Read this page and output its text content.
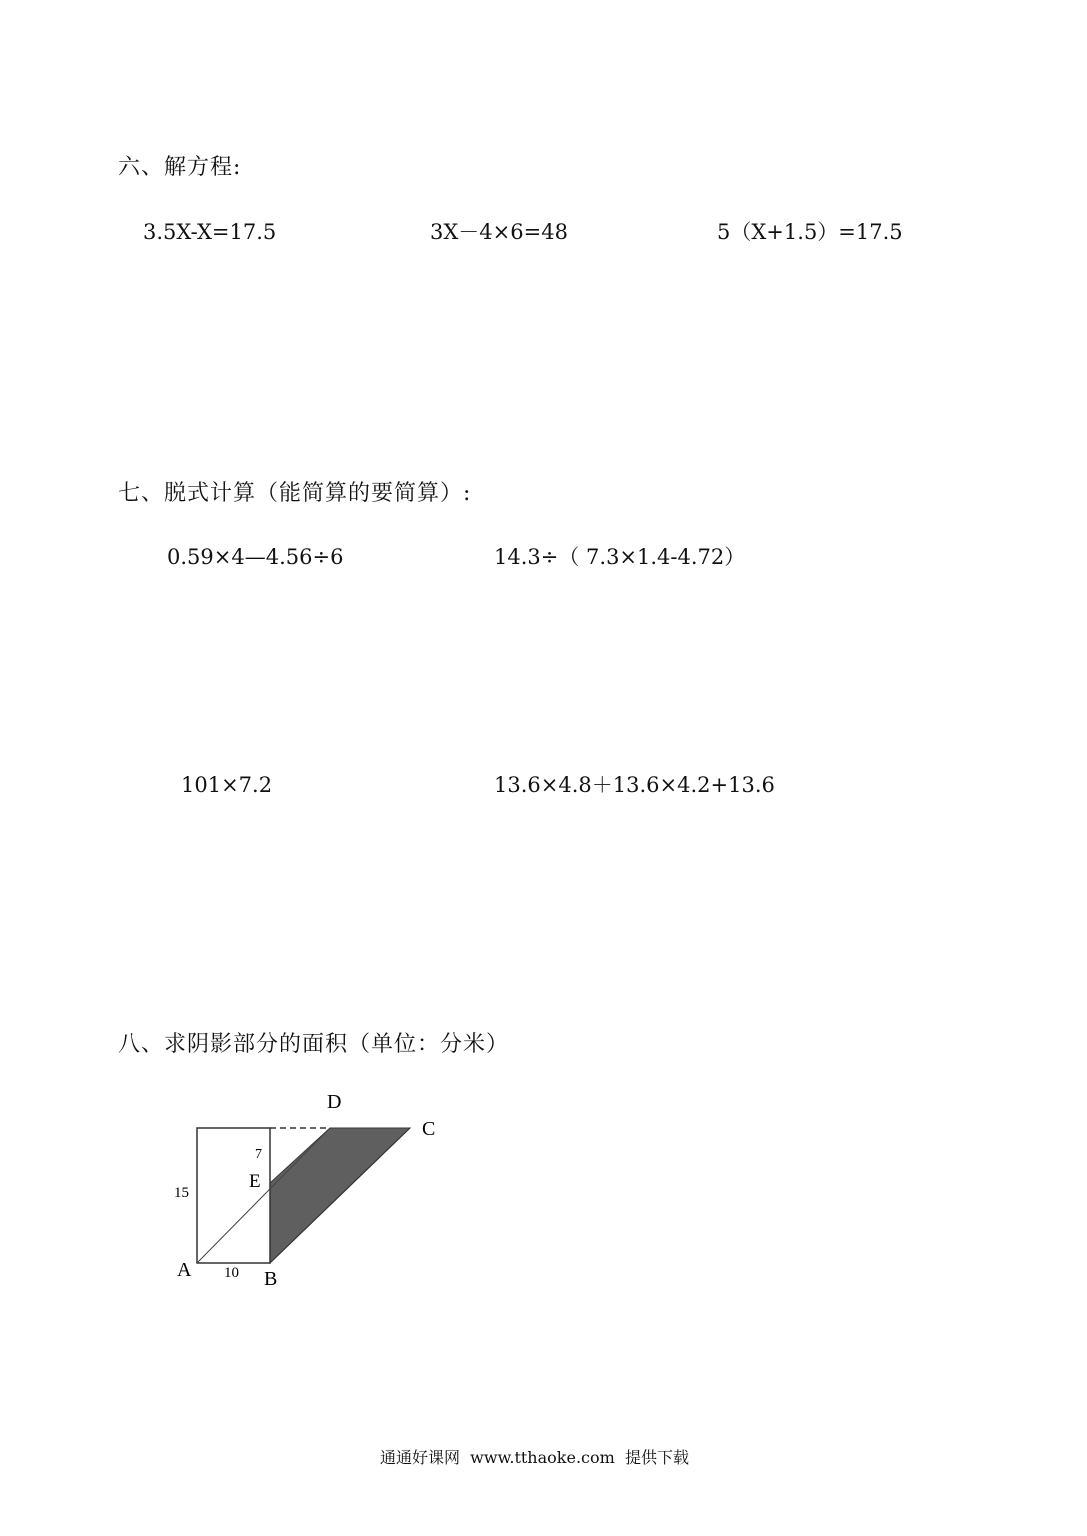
六、解方程:
3.5X-X=17.5	3X－4×6=48	5（X+1.5）=17.5
七、脱式计算（能简算的要简算）:
0.59×4—4.56÷6	14.3÷（ 7.3×1.4-4.72）
101×7.2	13.6×4.8＋13.6×4.2+13.6
八、求阴影部分的面积（单位：分米）
D
C
E
A	B
15
7
10
通通好课网  www.tthaoke.com  提供下载
